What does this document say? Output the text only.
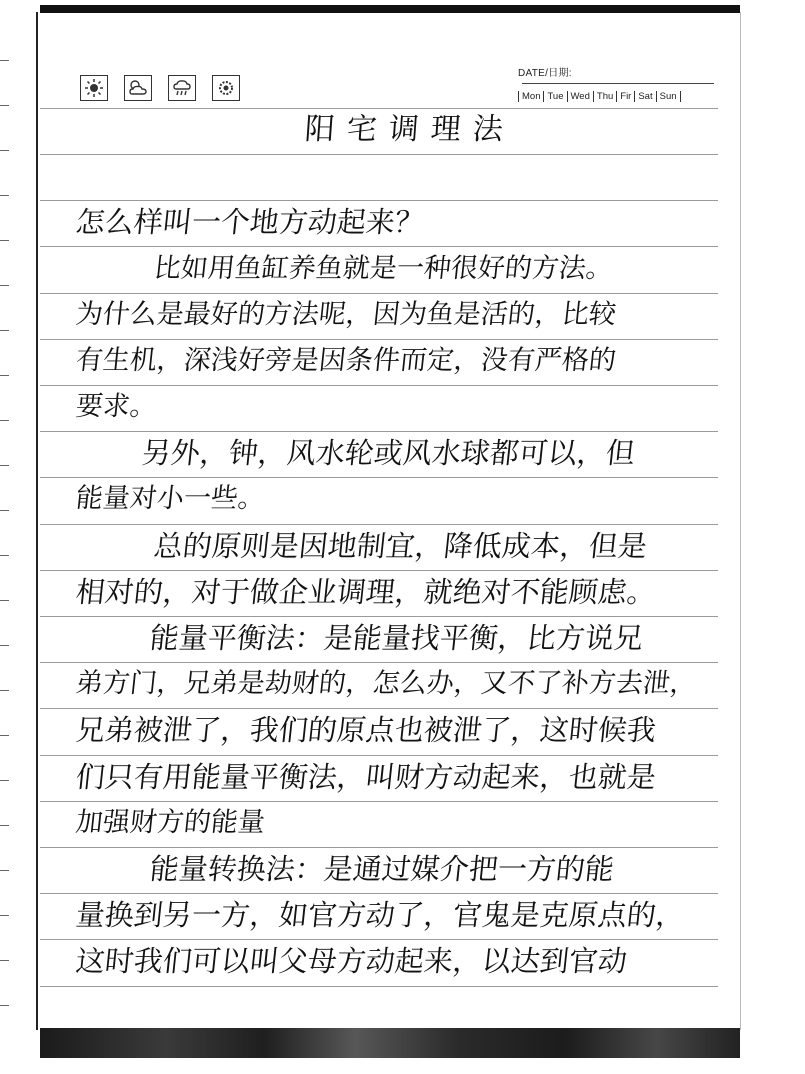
DATE/日期:
Mon Tue Wed Thu Fir Sat Sun
阳宅调理法
怎么样叫一个地方动起来？
比如用鱼缸养鱼就是一种很好的方法。
为什么是最好的方法呢，因为鱼是活的，比较
有生机，深浅好旁是因条件而定，没有严格的
要求。
另外，钟，风水轮或风水球都可以，但
能量对小一些。
总的原则是因地制宜，降低成本，但是
相对的，对于做企业调理，就绝对不能顾虑。
能量平衡法：是能量找平衡，比方说兄
弟方门，兄弟是劫财的，怎么办，又不了补方去泄，
兄弟被泄了，我们的原点也被泄了，这时候我
们只有用能量平衡法，叫财方动起来，也就是
加强财方的能量
能量转换法：是通过媒介把一方的能
量换到另一方，如官方动了，官鬼是克原点的，
这时我们可以叫父母方动起来，以达到官动
